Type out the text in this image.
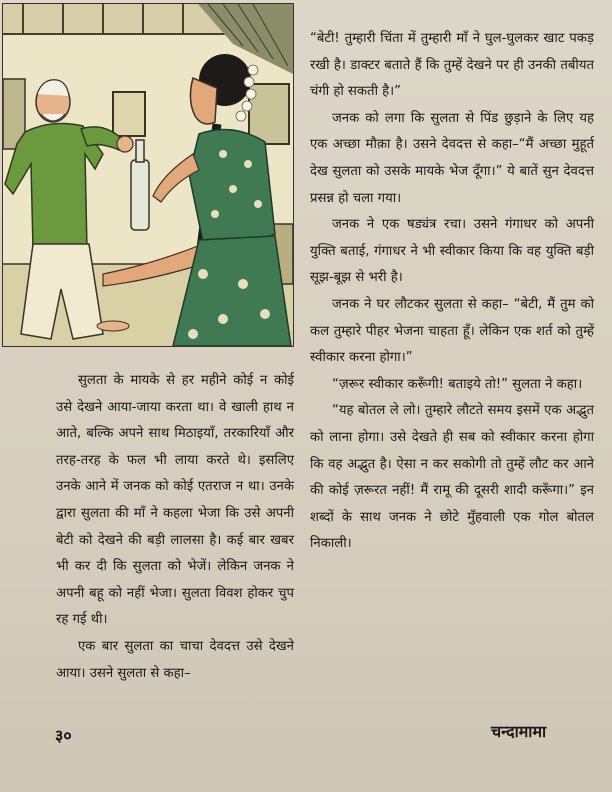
“बेटी! तुम्हारी चिंता में तुम्हारी माँ ने घुल-घुलकर खाट पकड़ रखी है। डाक्टर बताते हैं कि तुम्हें देखने पर ही उनकी तबीयत चंगी हो सकती है।”

जनक को लगा कि सुलता से पिंड छुड़ाने के लिए यह एक अच्छा मौक़ा है। उसने देवदत्त से कहा–“मैं अच्छा मुहूर्त देख सुलता को उसके मायके भेज दूँगा।” ये बातें सुन देवदत्त प्रसन्न हो चला गया।

जनक ने एक षड्यंत्र रचा। उसने गंगाधर को अपनी युक्ति बताई, गंगाधर ने भी स्वीकार किया कि वह युक्ति बड़ी सूझ-बूझ से भरी है।

जनक ने घर लौटकर सुलता से कहा– “बेटी, मैं तुम को कल तुम्हारे पीहर भेजना चाहता हूँ। लेकिन एक शर्त को तुम्हें स्वीकार करना होगा।”

“ज़रूर स्वीकार करूँगी! बताइये तो!” सुलता ने कहा।

“यह बोतल ले लो। तुम्हारे लौटते समय इसमें एक अद्भुत को लाना होगा। उसे देखते ही सब को स्वीकार करना होगा कि वह अद्भुत है। ऐसा न कर सकोगी तो तुम्हें लौट कर आने की कोई ज़रूरत नहीं! मैं रामू की दूसरी शादी करूँगा।” इन शब्दों के साथ जनक ने छोटे मुँहवाली एक गोल बोतल निकाली।

सुलता के मायके से हर महीने कोई न कोई उसे देखने आया-जाया करता था। वे खाली हाथ न आते, बल्कि अपने साथ मिठाइयाँ, तरकारियाँ और तरह-तरह के फल भी लाया करते थे। इसलिए उनके आने में जनक को कोई एतराज न था। उनके द्वारा सुलता की माँ ने कहला भेजा कि उसे अपनी बेटी को देखने की बड़ी लालसा है। कई बार खबर भी कर दी कि सुलता को भेजें। लेकिन जनक ने अपनी बहू को नहीं भेजा। सुलता विवश होकर चुप रह गई थी।

एक बार सुलता का चाचा देवदत्त उसे देखने आया। उसने सुलता से कहा–

३०	चन्दामामा
